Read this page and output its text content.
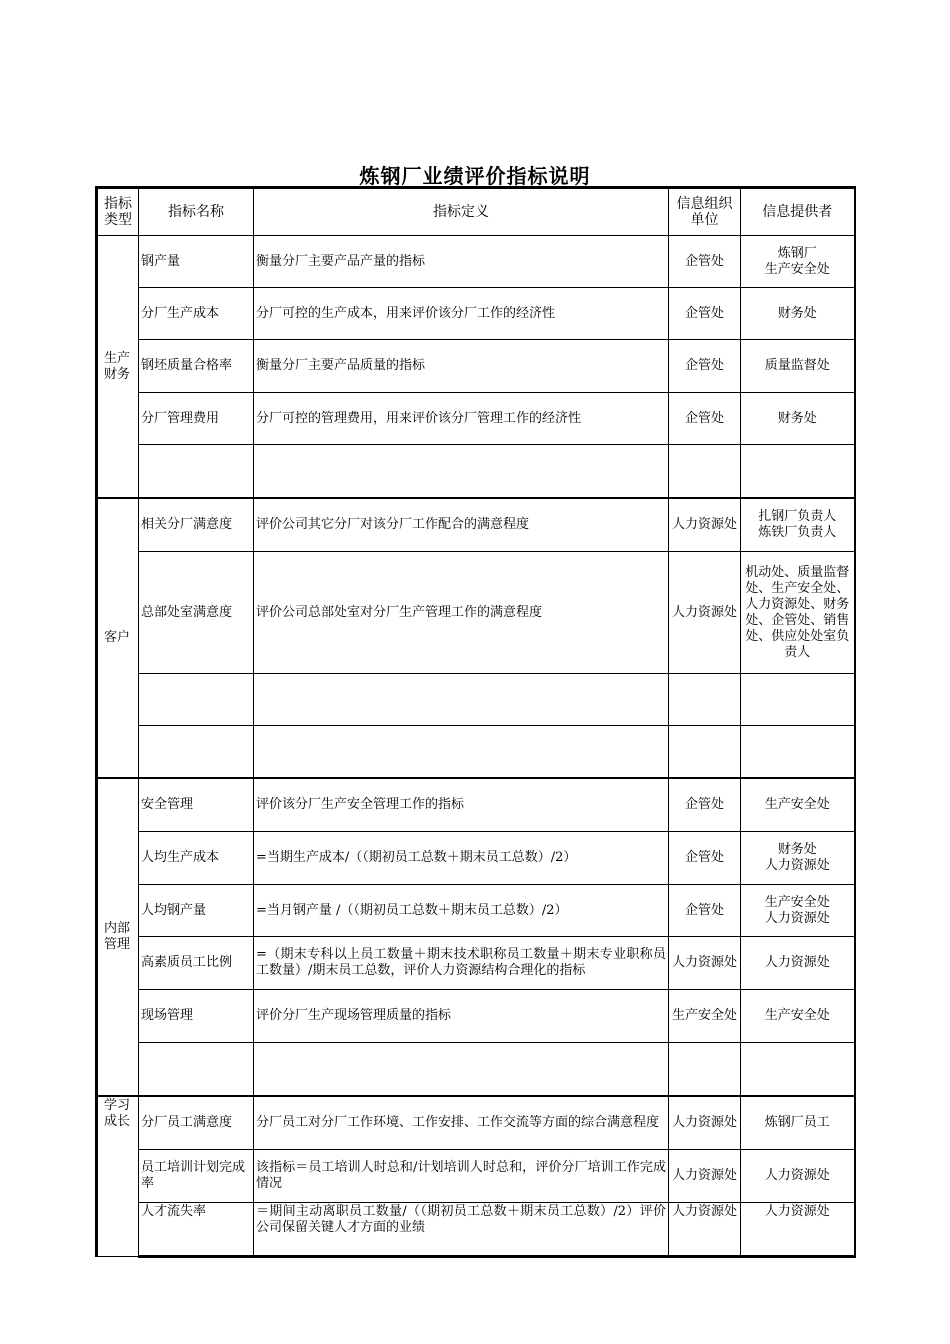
炼钢厂业绩评价指标说明
指标类型	指标名称	指标定义	信息组织单位	信息提供者
生产财务	钢产量	衡量分厂主要产品产量的指标	企管处	炼钢厂
生产安全处
	分厂生产成本	分厂可控的生产成本，用来评价该分厂工作的经济性	企管处	财务处
	钢坯质量合格率	衡量分厂主要产品质量的指标	企管处	质量监督处
	分厂管理费用	分厂可控的管理费用，用来评价该分厂管理工作的经济性	企管处	财务处

客户	相关分厂满意度	评价公司其它分厂对该分厂工作配合的满意程度	人力资源处	扎钢厂负责人
炼铁厂负责人
	总部处室满意度	评价公司总部处室对分厂生产管理工作的满意程度	人力资源处	机动处、质量监督处、生产安全处、人力资源处、财务处、企管处、销售处、供应处处室负责人

内部管理	安全管理	评价该分厂生产安全管理工作的指标	企管处	生产安全处
	人均生产成本	=当期生产成本/（（期初员工总数＋期末员工总数）/2）	企管处	财务处
人力资源处
	人均钢产量	=当月钢产量 /（（期初员工总数＋期末员工总数）/2）	企管处	生产安全处
人力资源处
	高素质员工比例	=（期末专科以上员工数量＋期末技术职称员工数量＋期末专业职称员工数量）/期末员工总数，评价人力资源结构合理化的指标	人力资源处	人力资源处
	现场管理	评价分厂生产现场管理质量的指标	生产安全处	生产安全处

学习成长	分厂员工满意度	分厂员工对分厂工作环境、工作安排、工作交流等方面的综合满意程度	人力资源处	炼钢厂员工
	员工培训计划完成率	该指标＝员工培训人时总和/计划培训人时总和，评价分厂培训工作完成情况	人力资源处	人力资源处
	人才流失率	＝期间主动离职员工数量/（（期初员工总数＋期末员工总数）/2）评价公司保留关键人才方面的业绩	人力资源处	人力资源处
